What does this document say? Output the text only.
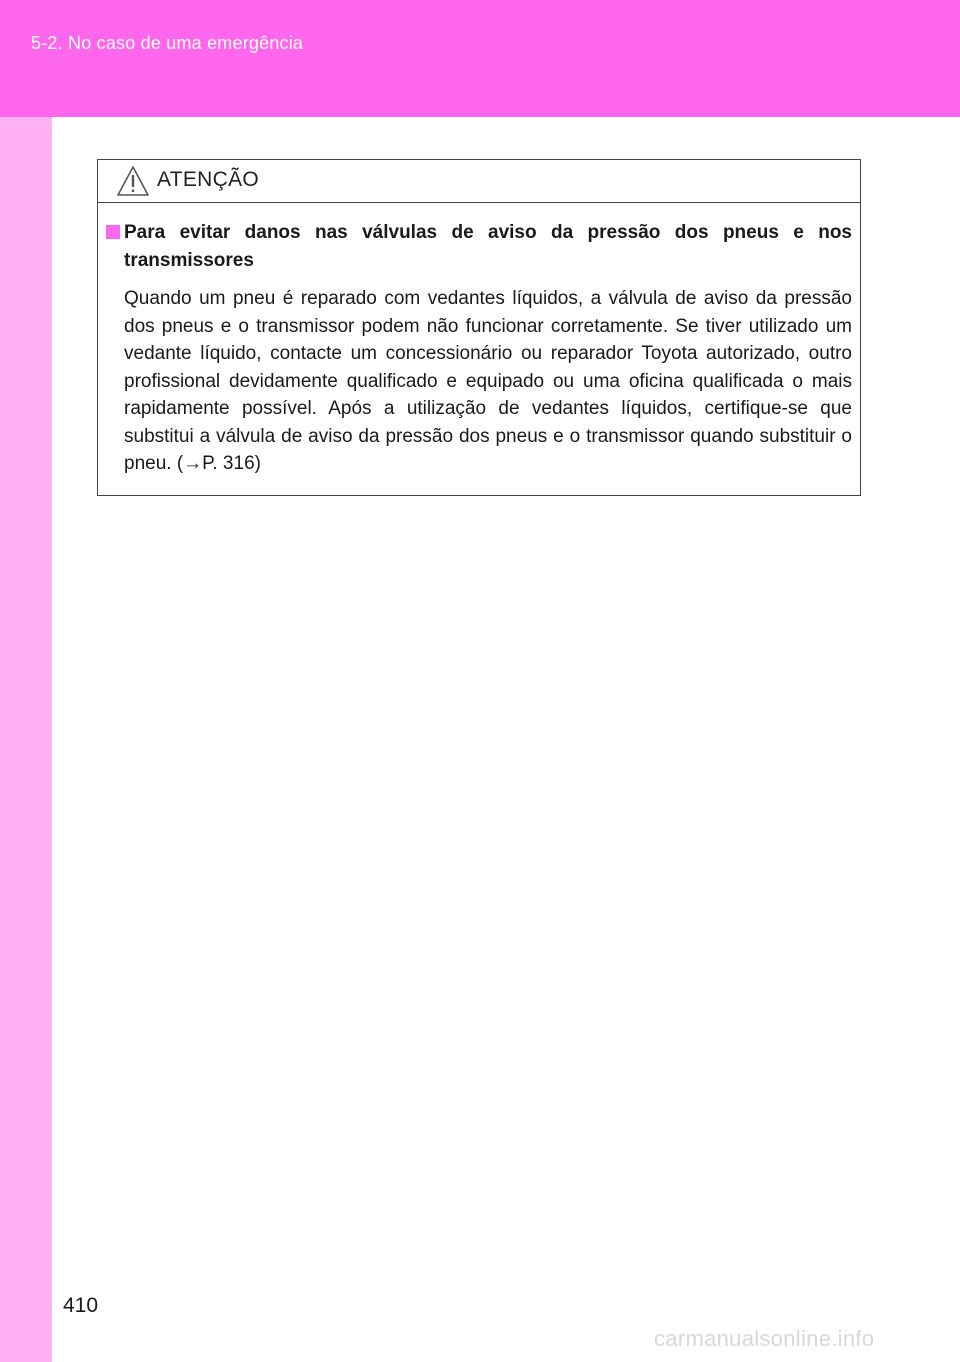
5-2. No caso de uma emergência
ATENÇÃO
Para evitar danos nas válvulas de aviso da pressão dos pneus e nos transmissores
Quando um pneu é reparado com vedantes líquidos, a válvula de aviso da pressão dos pneus e o transmissor podem não funcionar corretamente. Se tiver utilizado um vedante líquido, contacte um concessionário ou reparador Toyota autorizado, outro profissional devidamente qualificado e equipado ou uma oficina qualificada o mais rapidamente possível. Após a utilização de vedantes líquidos, certifique-se que substitui a válvula de aviso da pressão dos pneus e o transmissor quando substituir o pneu. (→P. 316)
410
carmanualsonline.info
